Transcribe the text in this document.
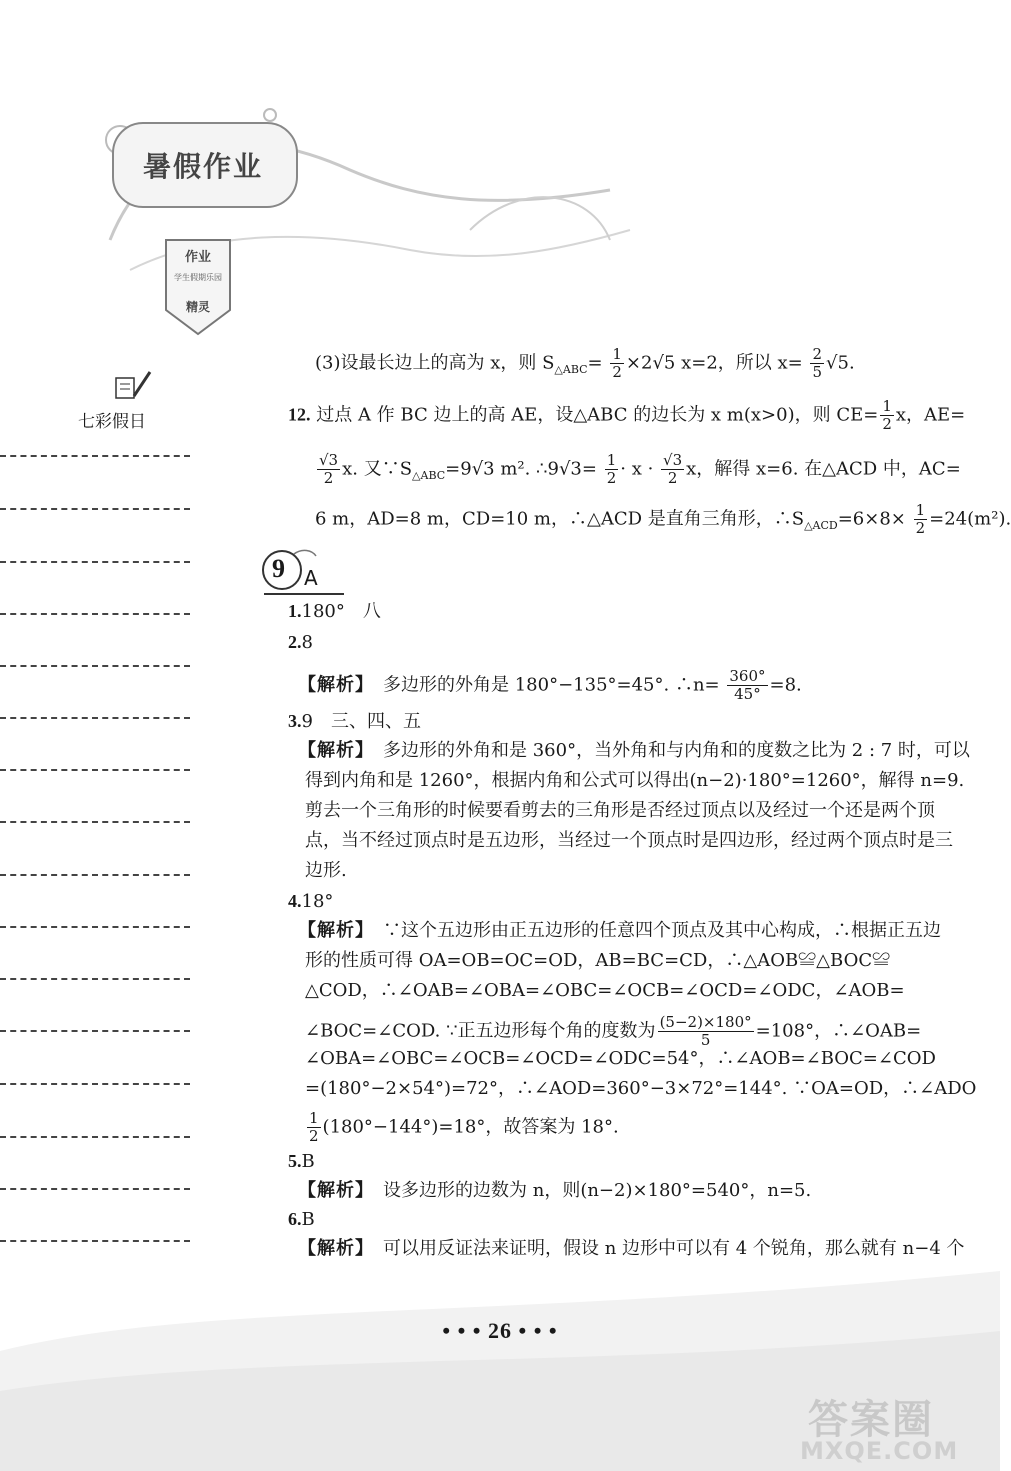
暑假作业
作业
学生假期乐园
精灵
七彩假日
(3)设最长边上的高为 x，则 $S_{\triangle ABC}= \frac{1}{2} \times 2√5$ x=2，所以 $x= \frac{2}{5} √5$.
12. 过点 A 作 BC 边上的高 AE，设△ABC 的边长为 x m(x>0)，则 $CE= \frac{1}{2}$ x，AE=
$\frac{√3}{2} x$. 又$\because S_{\triangle ABC}=9√3$ m². ∴9√3= $\frac{1}{2} \cdot x \cdot \frac{√3}{2}$ x，解得 x=6. 在△ACD 中，AC=
6 m，AD=8 m，CD=10 m，∴△ACD 是直角三角形，$\therefore S_{\triangle ACD}=6\times 8\times \frac{1}{2} =24(m^2)$.
9 A
1.180°　八
2.8
【解析】　 多边形的外角是 180°−135°=45°. ∴n= $\frac{360^\circ}{45^\circ} =8$.
3.9　三、四、五
【解析】　 多边形的外角和是 360°，当外角和与内角和的度数之比为 2 : 7 时，可以
得到内角和是 1260°，根据内角和公式可以得出(n−2)·180°=1260°，解得 n=9.
剪去一个三角形的时候要看剪去的三角形是否经过顶点以及经过一个还是两个顶
点，当不经过顶点时是五边形，当经过一个顶点时是四边形，经过两个顶点时是三
边形.
4.18°
【解析】　 ∵这个五边形由正五边形的任意四个顶点及其中心构成，∴根据正五边
形的性质可得 OA=OB=OC=OD，AB=BC=CD，∴△AOB≌△BOC≌
△COD，∴∠OAB=∠OBA=∠OBC=∠OCB=∠OCD=∠ODC，∠AOB=
∠BOC=∠COD. ∵正五边形每个角的度数为 $\frac{(5-2)\times 180^\circ}{5} =108^\circ$，∴∠OAB=
∠OBA=∠OBC=∠OCB=∠OCD=∠ODC=54°，∴∠AOB=∠BOC=∠COD
=(180°−2×54°)=72°，∴∠AOD=360°−3×72°=144°. ∵OA=OD，∴∠ADO
$\frac{1}{2} (180^\circ-144^\circ)=18^\circ$，故答案为 18°.
5.B
【解析】　 设多边形的边数为 n，则(n−2)×180°=540°，n=5.
6.B
【解析】　 可以用反证法来证明，假设 n 边形中可以有 4 个锐角，那么就有 n−4 个
• • • 26 • • •
答案圈
MXQE.COM
